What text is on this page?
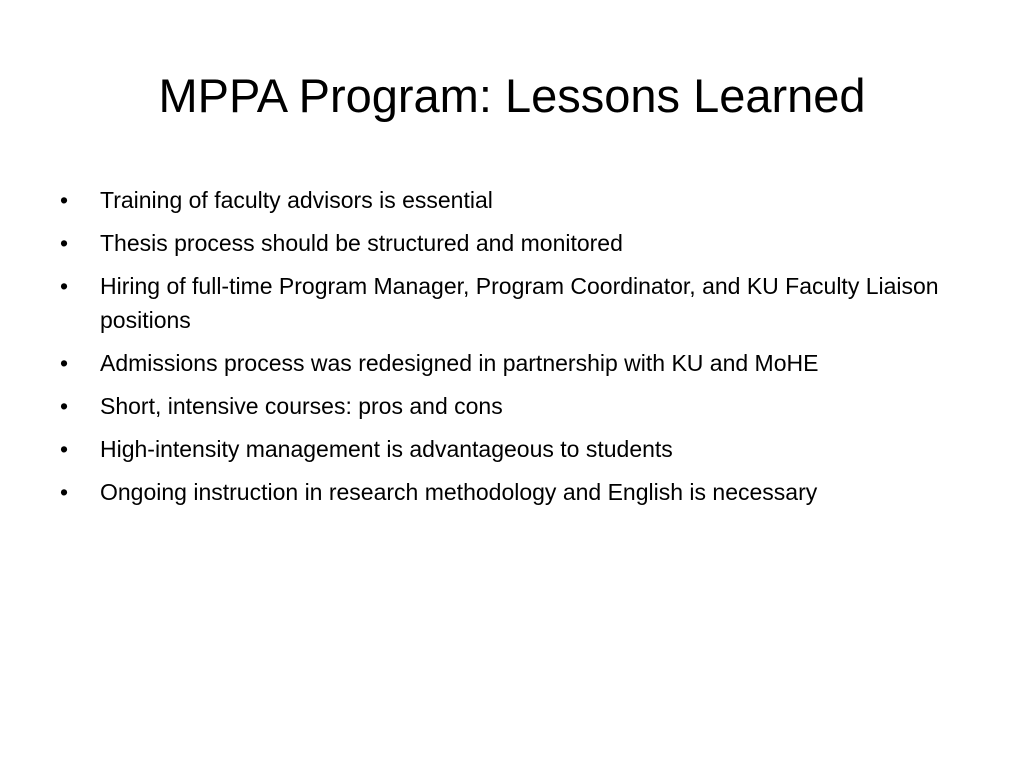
MPPA Program: Lessons Learned
•	Training of faculty advisors is essential
•	Thesis process should be structured and monitored
•	Hiring of full-time Program Manager, Program Coordinator, and KU Faculty Liaison positions
•	Admissions process was redesigned in partnership with KU and MoHE
•	Short, intensive courses: pros and cons
•	High-intensity management is advantageous to students
•	Ongoing instruction in research methodology and English is necessary
